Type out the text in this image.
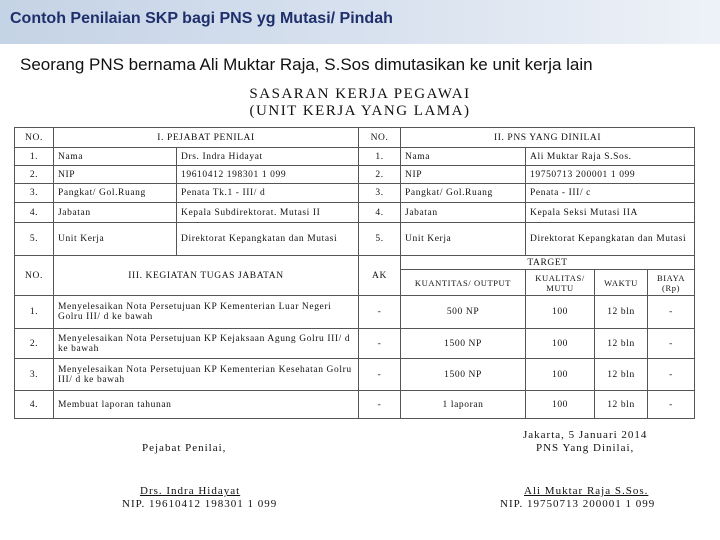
Contoh Penilaian SKP bagi PNS yg Mutasi/ Pindah
Seorang PNS bernama Ali Muktar Raja, S.Sos dimutasikan ke unit kerja lain
SASARAN KERJA PEGAWAI
(UNIT KERJA YANG LAMA)
NO.	I. PEJABAT PENILAI		NO.	II. PNS YANG DINILAI			
1.	Nama	Drs. Indra Hidayat	1.	Nama	Ali Muktar Raja S.Sos.		
2.	NIP	19610412 198301 1 099	2.	NIP	19750713 200001 1 099		
3.	Pangkat/ Gol.Ruang	Penata Tk.1 - III/ d	3.	Pangkat/ Gol.Ruang	Penata - III/ c		
4.	Jabatan	Kepala Subdirektorat. Mutasi II	4.	Jabatan	Kepala Seksi Mutasi IIA		
5.	Unit Kerja	Direktorat Kepangkatan dan Mutasi	5.	Unit Kerja	Direktorat Kepangkatan dan Mutasi		
NO.	III. KEGIATAN TUGAS JABATAN		AK	TARGET			
				KUANTITAS/ OUTPUT	KUALITAS/ MUTU	WAKTU	BIAYA (Rp)
1.	Menyelesaikan Nota Persetujuan KP Kementerian Luar Negeri Golru III/ d ke bawah		-	500 NP	100	12 bln	-
2.	Menyelesaikan Nota Persetujuan KP Kejaksaan Agung Golru III/ d ke bawah		-	1500 NP	100	12 bln	-
3.	Menyelesaikan Nota Persetujuan KP Kementerian Kesehatan Golru III/ d ke bawah		-	1500 NP	100	12 bln	-
4.	Membuat laporan tahunan		-	1 laporan	100	12 bln	-
Jakarta, 5 Januari 2014
Pejabat Penilai,	PNS Yang Dinilai,
Drs. Indra Hidayat
NIP. 19610412 198301 1 099
Ali Muktar Raja S.Sos.
NIP. 19750713 200001 1 099
